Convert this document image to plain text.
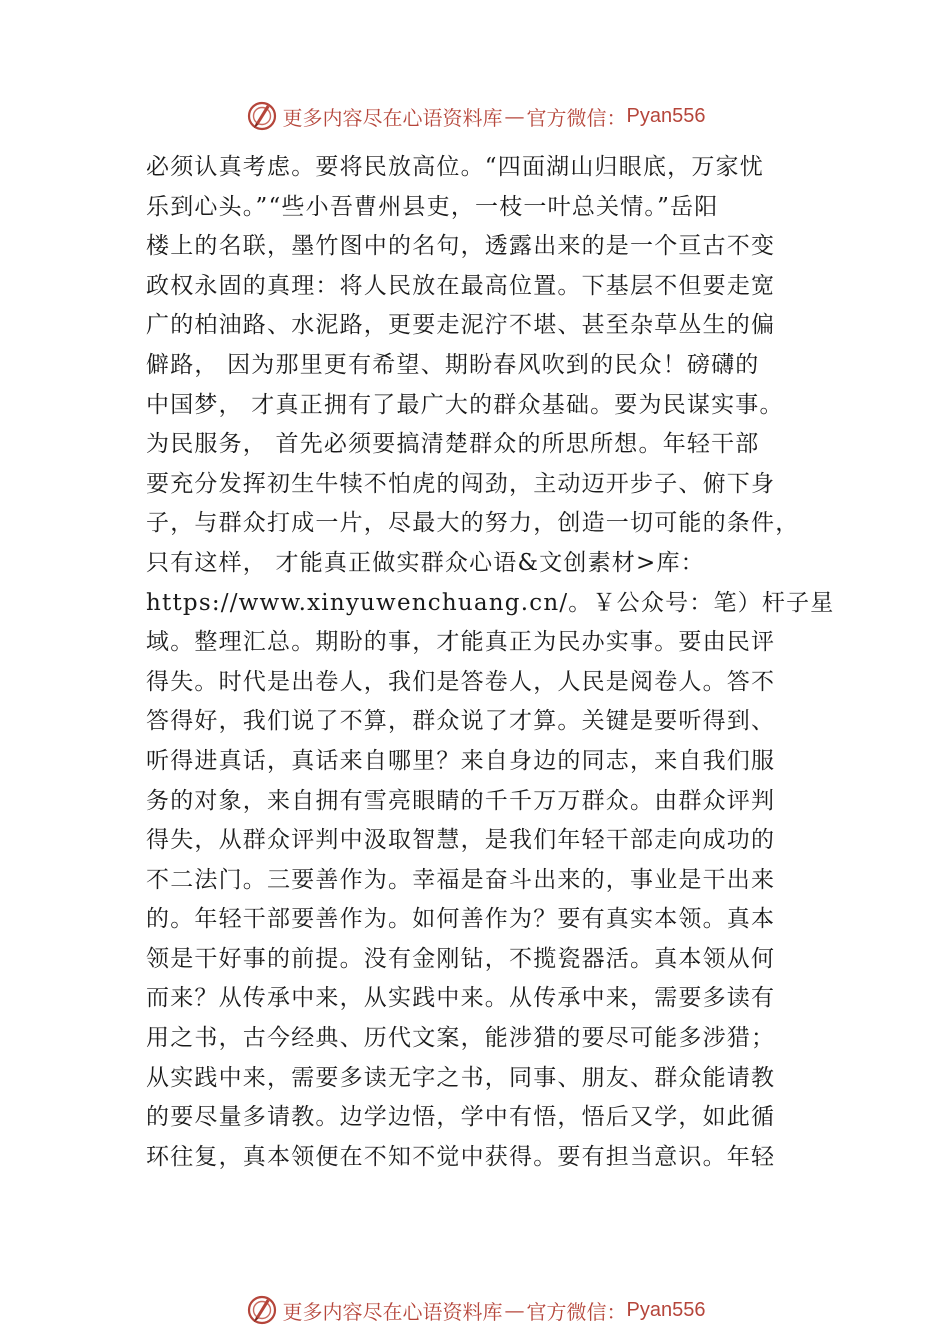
更多内容尽在心语资料库 — 官方微信： Pyan556
必须认真考虑。要将民放高位。“四面湖山归眼底，万家忧
乐到心头。”“些小吾曹州县吏，一枝一叶总关情。”岳阳
楼上的名联，墨竹图中的名句，透露出来的是一个亘古不变
政权永固的真理：将人民放在最高位置。下基层不但要走宽
广的柏油路、水泥路，更要走泥泞不堪、甚至杂草丛生的偏
僻路， 因为那里更有希望、期盼春风吹到的民众！磅礴的
中国梦， 才真正拥有了最广大的群众基础。要为民谋实事。
为民服务， 首先必须要搞清楚群众的所思所想。年轻干部
要充分发挥初生牛犊不怕虎的闯劲，主动迈开步子、俯下身
子，与群众打成一片，尽最大的努力，创造一切可能的条件，
只有这样， 才能真正做实群众心语&文创素材>库：
https://www.xinyuwenchuang.cn/。￥公众号：笔）杆子星
域。整理汇总。期盼的事，才能真正为民办实事。要由民评
得失。时代是出卷人，我们是答卷人，人民是阅卷人。答不
答得好，我们说了不算，群众说了才算。关键是要听得到、
听得进真话，真话来自哪里？来自身边的同志，来自我们服
务的对象，来自拥有雪亮眼睛的千千万万群众。由群众评判
得失，从群众评判中汲取智慧，是我们年轻干部走向成功的
不二法门。三要善作为。幸福是奋斗出来的，事业是干出来
的。年轻干部要善作为。如何善作为？要有真实本领。真本
领是干好事的前提。没有金刚钻，不揽瓷器活。真本领从何
而来？从传承中来，从实践中来。从传承中来，需要多读有
用之书，古今经典、历代文案，能涉猎的要尽可能多涉猎；
从实践中来，需要多读无字之书，同事、朋友、群众能请教
的要尽量多请教。边学边悟，学中有悟，悟后又学，如此循
环往复，真本领便在不知不觉中获得。要有担当意识。年轻
更多内容尽在心语资料库 — 官方微信： Pyan556
